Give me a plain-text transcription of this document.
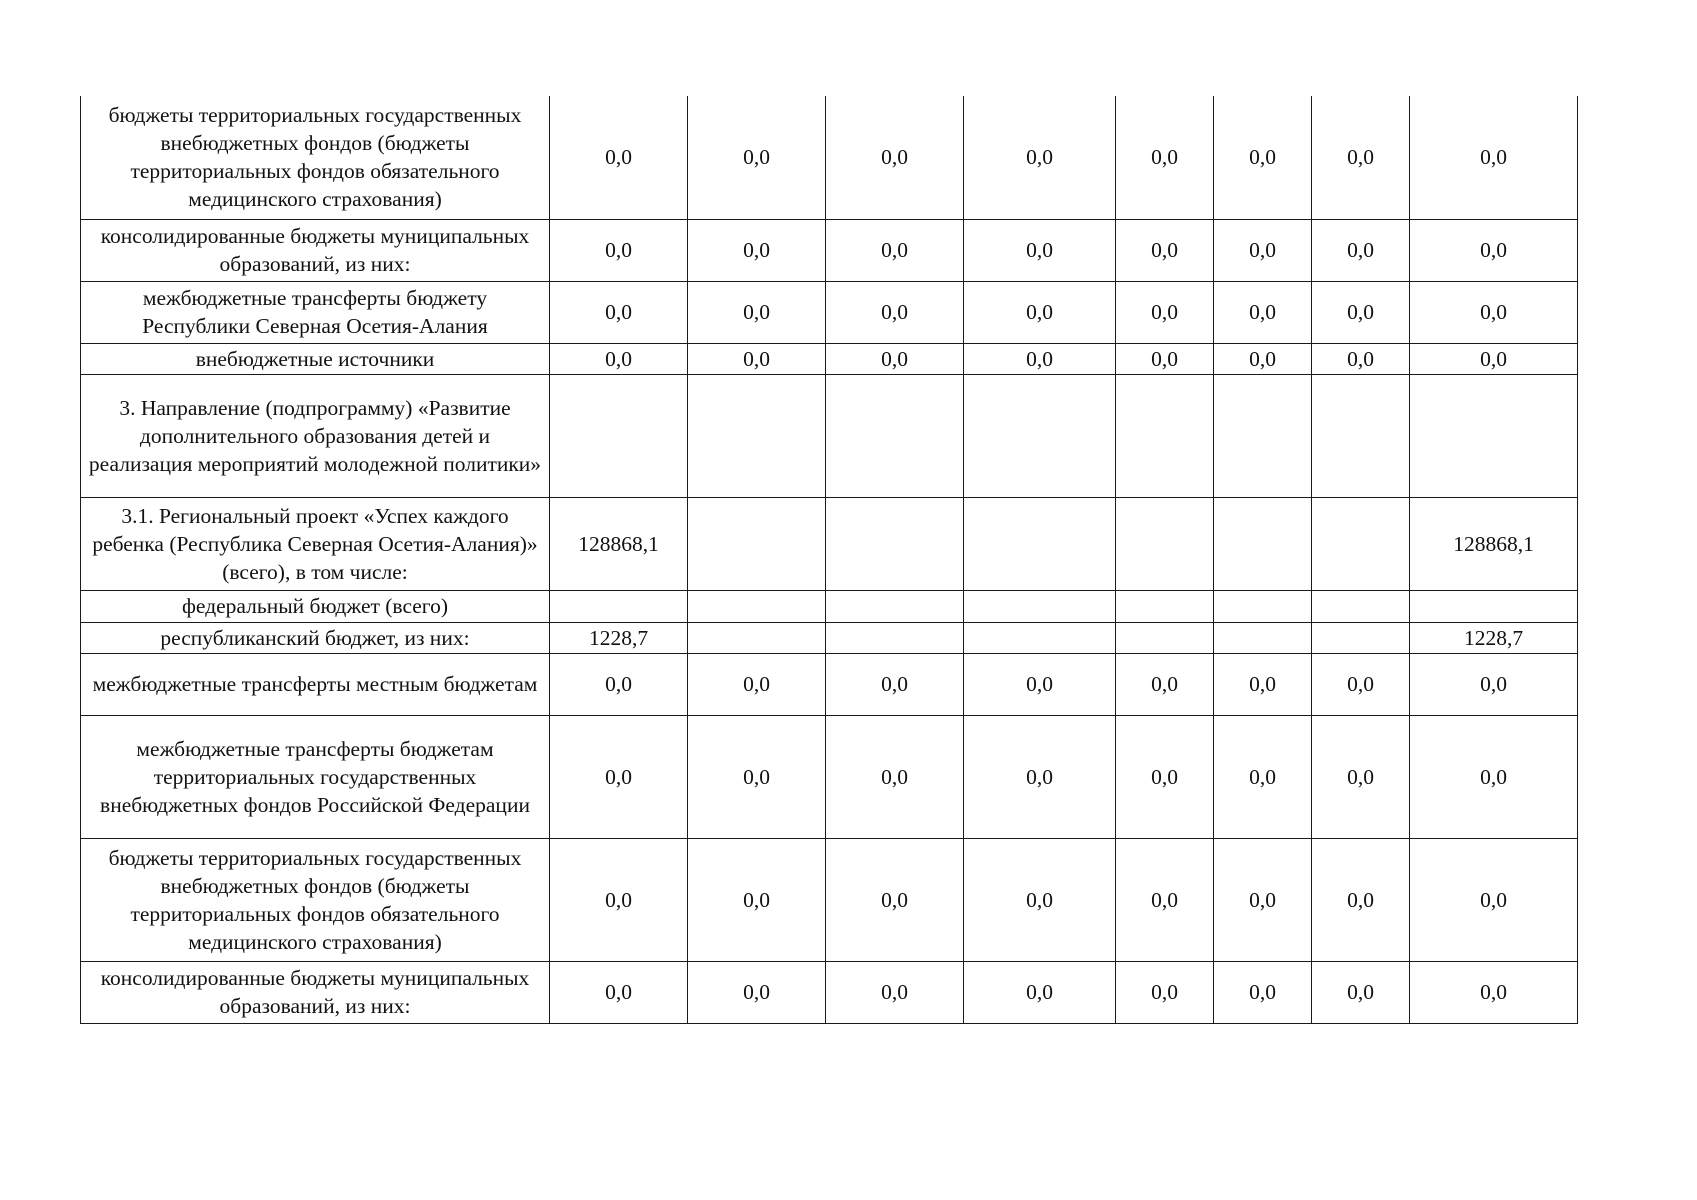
бюджеты территориальных государственных внебюджетных фондов (бюджеты территориальных фондов обязательного медицинского страхования)	0,0	0,0	0,0	0,0	0,0	0,0	0,0	0,0
консолидированные бюджеты муниципальных образований, из них:	0,0	0,0	0,0	0,0	0,0	0,0	0,0	0,0
межбюджетные трансферты бюджету Республики Северная Осетия-Алания	0,0	0,0	0,0	0,0	0,0	0,0	0,0	0,0
внебюджетные источники	0,0	0,0	0,0	0,0	0,0	0,0	0,0	0,0
3. Направление (подпрограмму) «Развитие дополнительного образования детей и реализация мероприятий молодежной политики»								
3.1. Региональный проект «Успех каждого ребенка (Республика Северная Осетия-Алания)» (всего), в том числе:	128868,1							128868,1
федеральный бюджет (всего)								
республиканский бюджет, из них:	1228,7							1228,7
межбюджетные трансферты местным бюджетам	0,0	0,0	0,0	0,0	0,0	0,0	0,0	0,0
межбюджетные трансферты бюджетам территориальных государственных внебюджетных фондов Российской Федерации	0,0	0,0	0,0	0,0	0,0	0,0	0,0	0,0
бюджеты территориальных государственных внебюджетных фондов (бюджеты территориальных фондов обязательного медицинского страхования)	0,0	0,0	0,0	0,0	0,0	0,0	0,0	0,0
консолидированные бюджеты муниципальных образований, из них:	0,0	0,0	0,0	0,0	0,0	0,0	0,0	0,0
